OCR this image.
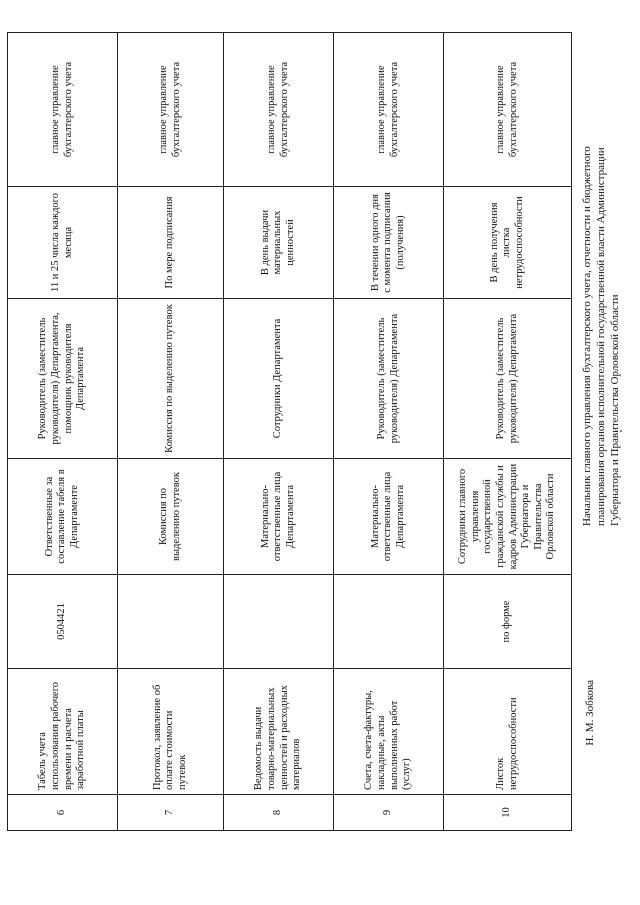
6	Табель учета использования рабочего времени и расчета заработной платы	0504421	Ответственные за составление табеля в Департаменте	Руководитель (заместитель руководителя) Департамента, помощник руководителя Департамента	11 и 25 числа каждого месяца	главное управление бухгалтерского учета
7	Протокол, заявление об оплате стоимости путевок		Комиссия по выделению путевок	Комиссия по выделению путевок	По мере подписания	главное управление бухгалтерского учета
8	Ведомость выдачи товарно-материальных ценностей и расходных материалов		Материально-ответственные лица Департамента	Сотрудники Департамента	В день выдачи материальных ценностей	главное управление бухгалтерского учета
9	Счета, счета-фактуры, накладные, акты выполненных работ (услуг)		Материально-ответственные лица Департамента	Руководитель (заместитель руководителя) Департамента	В течении одного дня с момента подписания (получения)	главное управление бухгалтерского учета
10	Листок нетрудоспособности	по форме	Сотрудники главного управления государственной гражданской службы и кадров Администрации Губернатора и Правительства Орловской области	Руководитель (заместитель руководителя) Департамента	В день получения листка нетрудоспособности	главное управление бухгалтерского учета
Начальник главного управления бухгалтерского учета, отчетности и бюджетного планирования органов исполнительной государственной власти Администрации Губернатора и Правительства Орловской области
Н. М. Зобкова
